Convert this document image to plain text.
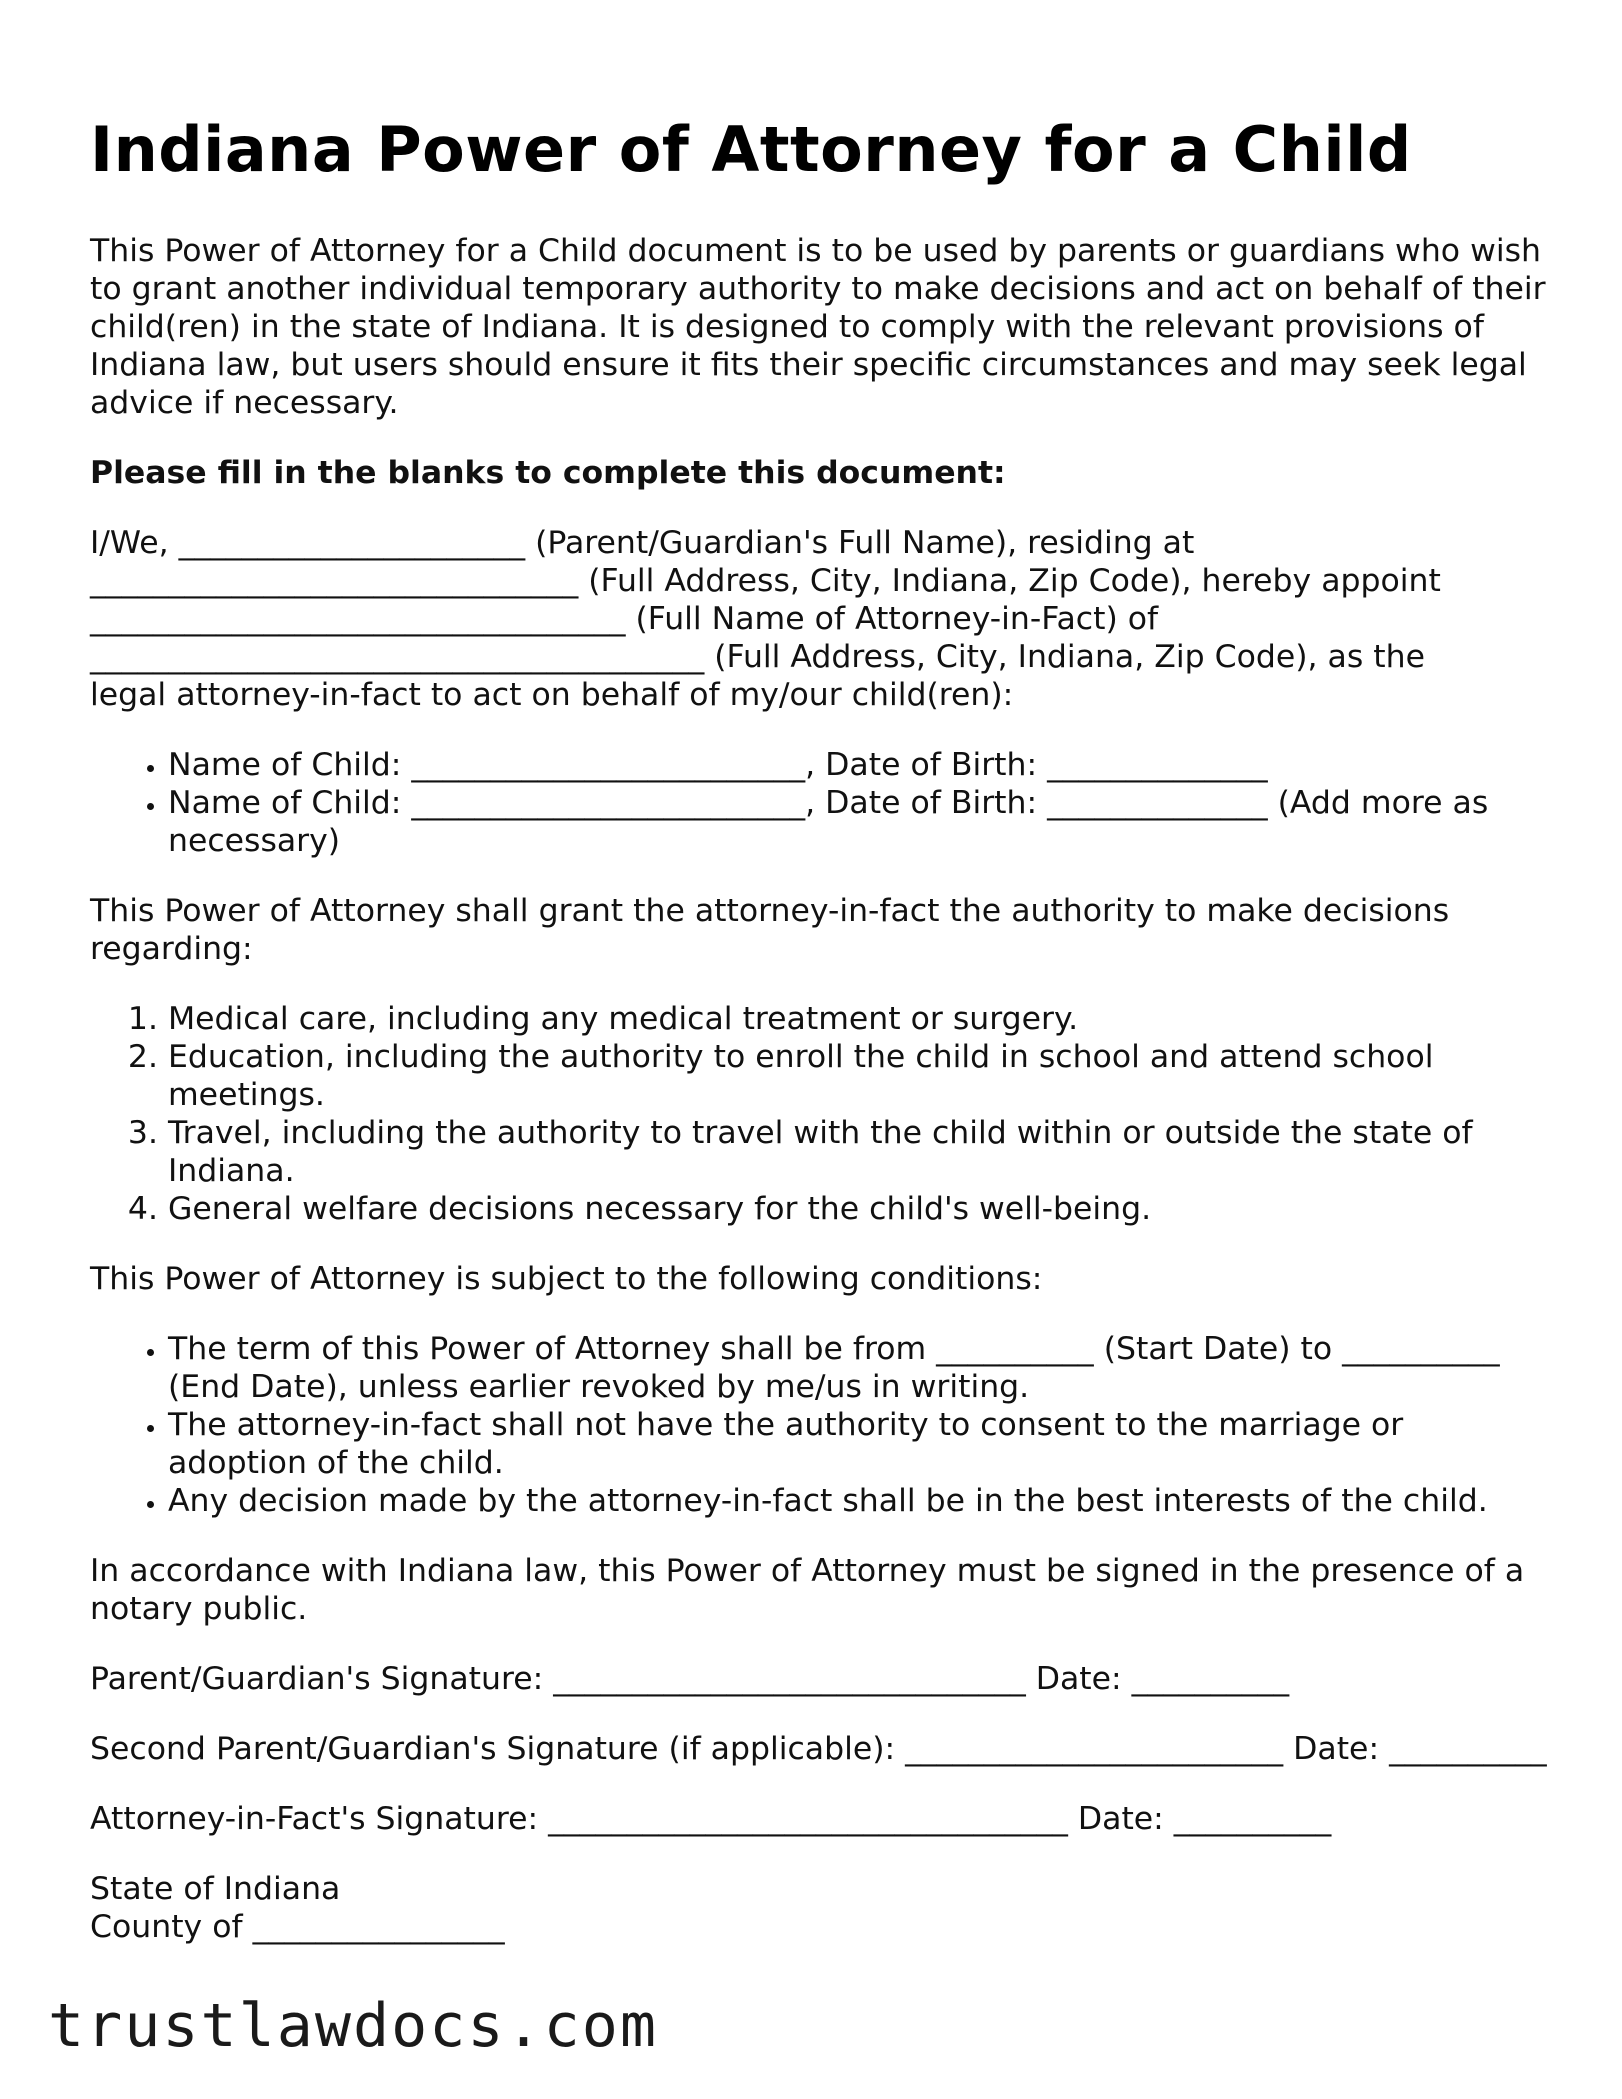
Indiana Power of Attorney for a Child

This Power of Attorney for a Child document is to be used by parents or guardians who wish to grant another individual temporary authority to make decisions and act on behalf of their child(ren) in the state of Indiana. It is designed to comply with the relevant provisions of Indiana law, but users should ensure it fits their specific circumstances and may seek legal advice if necessary.

Please fill in the blanks to complete this document:

I/We, ______________________ (Parent/Guardian's Full Name), residing at
_______________________________ (Full Address, City, Indiana, Zip Code), hereby appoint
__________________________________ (Full Name of Attorney-in-Fact) of
_______________________________________ (Full Address, City, Indiana, Zip Code), as the
legal attorney-in-fact to act on behalf of my/our child(ren):

• Name of Child: _________________________, Date of Birth: ______________
• Name of Child: _________________________, Date of Birth: ______________ (Add more as necessary)

This Power of Attorney shall grant the attorney-in-fact the authority to make decisions regarding:

1. Medical care, including any medical treatment or surgery.
2. Education, including the authority to enroll the child in school and attend school meetings.
3. Travel, including the authority to travel with the child within or outside the state of Indiana.
4. General welfare decisions necessary for the child's well-being.

This Power of Attorney is subject to the following conditions:

• The term of this Power of Attorney shall be from __________ (Start Date) to __________ (End Date), unless earlier revoked by me/us in writing.
• The attorney-in-fact shall not have the authority to consent to the marriage or adoption of the child.
• Any decision made by the attorney-in-fact shall be in the best interests of the child.

In accordance with Indiana law, this Power of Attorney must be signed in the presence of a notary public.

Parent/Guardian's Signature: ______________________________ Date: __________

Second Parent/Guardian's Signature (if applicable): ________________________ Date: __________

Attorney-in-Fact's Signature: _________________________________ Date: __________

State of Indiana

County of ________________

trustlawdocs.com
